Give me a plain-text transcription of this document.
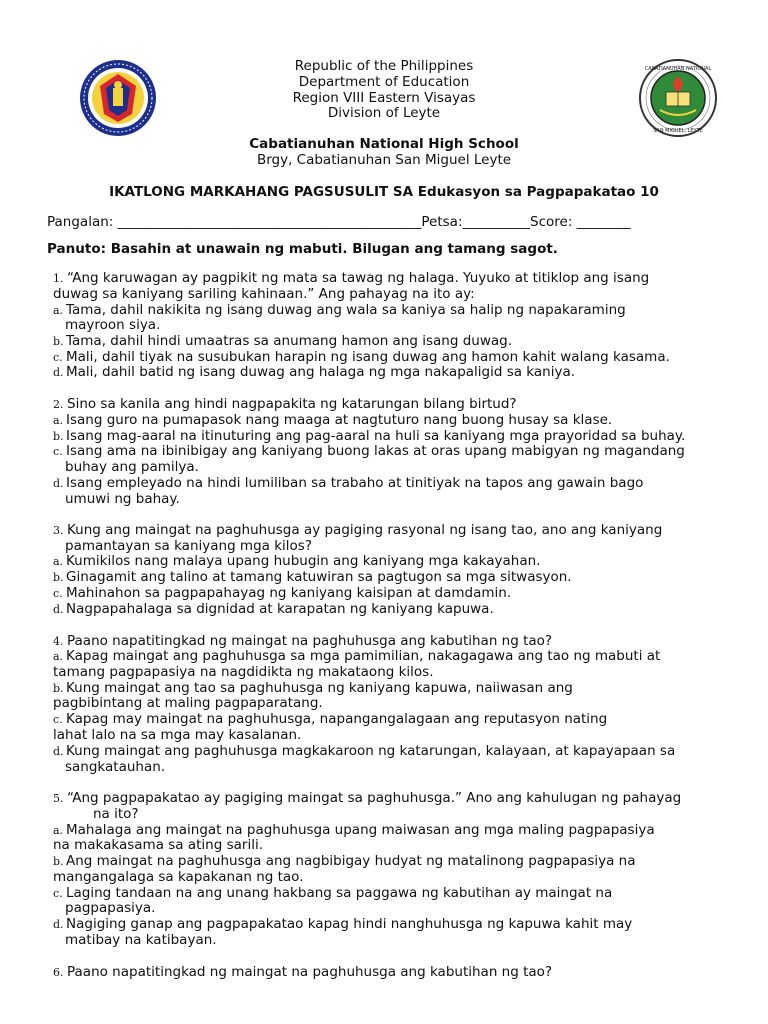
CABATIANUHAN NATIONAL
SAN MIGUEL, LEYTE
Republic of the Philippines
Department of Education
Region VIII Eastern Visayas
Division of Leyte
Cabatianuhan National High School
Brgy, Cabatianuhan San Miguel Leyte
IKATLONG MARKAHANG PAGSUSULIT SA Edukasyon sa Pagpapakatao 10
Pangalan: _____________________________________________Petsa:__________Score: ________
Panuto: Basahin at unawain ng mabuti. Bilugan ang tamang sagot.
1. “Ang karuwagan ay pagpikit ng mata sa tawag ng halaga. Yuyuko at titiklop ang isang
duwag sa kaniyang sariling kahinaan.” Ang pahayag na ito ay:
a. Tama, dahil nakikita ng isang duwag ang wala sa kaniya sa halip ng napakaraming
mayroon siya.
b. Tama, dahil hindi umaatras sa anumang hamon ang isang duwag.
c. Mali, dahil tiyak na susubukan harapin ng isang duwag ang hamon kahit walang kasama.
d. Mali, dahil batid ng isang duwag ang halaga ng mga nakapaligid sa kaniya.
2. Sino sa kanila ang hindi nagpapakita ng katarungan bilang birtud?
a. Isang guro na pumapasok nang maaga at nagtuturo nang buong husay sa klase.
b. Isang mag-aaral na itinuturing ang pag-aaral na huli sa kaniyang mga prayoridad sa buhay.
c. Isang ama na ibinibigay ang kaniyang buong lakas at oras upang mabigyan ng magandang
buhay ang pamilya.
d. Isang empleyado na hindi lumiliban sa trabaho at tinitiyak na tapos ang gawain bago
umuwi ng bahay.
3. Kung ang maingat na paghuhusga ay pagiging rasyonal ng isang tao, ano ang kaniyang
pamantayan sa kaniyang mga kilos?
a. Kumikilos nang malaya upang hubugin ang kaniyang mga kakayahan.
b. Ginagamit ang talino at tamang katuwiran sa pagtugon sa mga sitwasyon.
c. Mahinahon sa pagpapahayag ng kaniyang kaisipan at damdamin.
d. Nagpapahalaga sa dignidad at karapatan ng kaniyang kapuwa.
4. Paano napatitingkad ng maingat na paghuhusga ang kabutihan ng tao?
a. Kapag maingat ang paghuhusga sa mga pamimilian, nakagagawa ang tao ng mabuti at
tamang pagpapasiya na nagdidikta ng makataong kilos.
b. Kung maingat ang tao sa paghuhusga ng kaniyang kapuwa, naiiwasan ang
pagbibintang at maling pagpaparatang.
c. Kapag may maingat na paghuhusga, napangangalagaan ang reputasyon nating
lahat lalo na sa mga may kasalanan.
d. Kung maingat ang paghuhusga magkakaroon ng katarungan, kalayaan, at kapayapaan sa
sangkatauhan.
5. “Ang pagpapakatao ay pagiging maingat sa paghuhusga.” Ano ang kahulugan ng pahayag
na ito?
a. Mahalaga ang maingat na paghuhusga upang maiwasan ang mga maling pagpapasiya
na makakasama sa ating sarili.
b. Ang maingat na paghuhusga ang nagbibigay hudyat ng matalinong pagpapasiya na
mangangalaga sa kapakanan ng tao.
c. Laging tandaan na ang unang hakbang sa paggawa ng kabutihan ay maingat na
pagpapasiya.
d. Nagiging ganap ang pagpapakatao kapag hindi nanghuhusga ng kapuwa kahit may
matibay na katibayan.
6. Paano napatitingkad ng maingat na paghuhusga ang kabutihan ng tao?
